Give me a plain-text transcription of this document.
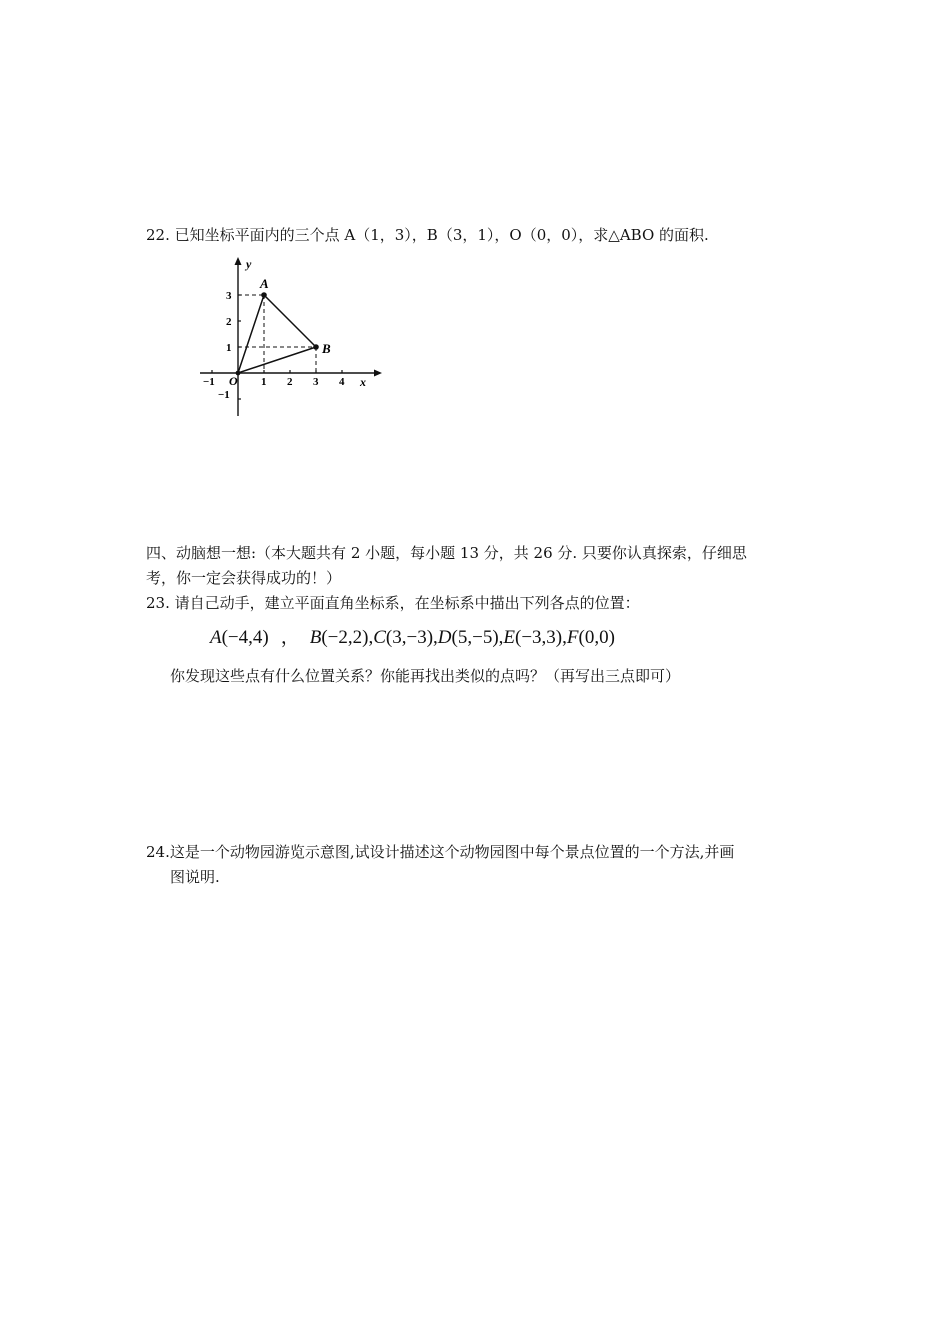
22. 已知坐标平面内的三个点 A（1，3），B（3，1），O（0，0），求△ABO 的面积.
A
B
O
y
x
−1	1 2 3 4
3
2
1
−1
四、动脑想一想:（本大题共有 2 小题，每小题 13 分，共 26 分. 只要你认真探索，仔细思
考，你一定会获得成功的！）
23. 请自己动手，建立平面直角坐标系，在坐标系中描出下列各点的位置：
A(−4,4) ， B(−2,2),C(3,−3),D(5,−5),E(−3,3),F(0,0)
你发现这些点有什么位置关系？你能再找出类似的点吗？（再写出三点即可）
24.这是一个动物园游览示意图,试设计描述这个动物园图中每个景点位置的一个方法,并画
图说明.
